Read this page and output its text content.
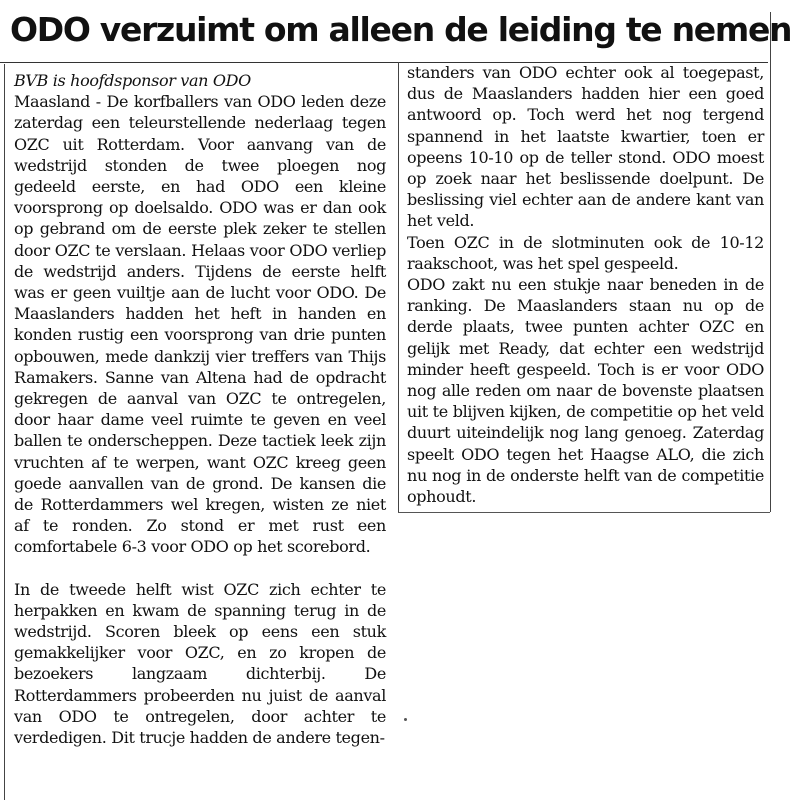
ODO verzuimt om alleen de leiding te nemen

BVB is hoofdsponsor van ODO

Maasland - De korfballers van ODO leden deze zaterdag een teleurstellende nederlaag tegen OZC uit Rotterdam. Voor aanvang van de wedstrijd stonden de twee ploegen nog gedeeld eerste, en had ODO een kleine voorsprong op doelsaldo. ODO was er dan ook op gebrand om de eerste plek zeker te stellen door OZC te verslaan. Helaas voor ODO verliep de wedstrijd anders. Tijdens de eerste helft was er geen vuiltje aan de lucht voor ODO. De Maaslanders hadden het heft in handen en konden rustig een voorsprong van drie punten opbouwen, mede dankzij vier treffers van Thijs Ramakers. Sanne van Altena had de opdracht gekregen de aanval van OZC te ontregelen, door haar dame veel ruimte te geven en veel ballen te onderscheppen. Deze tactiek leek zijn vruchten af te werpen, want OZC kreeg geen goede aanvallen van de grond. De kansen die de Rotterdammers wel kregen, wisten ze niet af te ronden. Zo stond er met rust een comfortabele 6-3 voor ODO op het scorebord.

In de tweede helft wist OZC zich echter te herpakken en kwam de spanning terug in de wedstrijd. Scoren bleek op eens een stuk gemakkelijker voor OZC, en zo kropen de bezoekers langzaam dichterbij. De Rotterdammers probeerden nu juist de aanval van ODO te ontregelen, door achter te verdedigen. Dit trucje hadden de andere tegen-

standers van ODO echter ook al toegepast, dus de Maaslanders hadden hier een goed antwoord op. Toch werd het nog tergend spannend in het laatste kwartier, toen er opeens 10-10 op de teller stond. ODO moest op zoek naar het beslissende doelpunt. De beslissing viel echter aan de andere kant van het veld.

Toen OZC in de slotminuten ook de 10-12 raakschoot, was het spel gespeeld.

ODO zakt nu een stukje naar beneden in de ranking. De Maaslanders staan nu op de derde plaats, twee punten achter OZC en gelijk met Ready, dat echter een wedstrijd minder heeft gespeeld. Toch is er voor ODO nog alle reden om naar de bovenste plaatsen uit te blijven kijken, de competitie op het veld duurt uiteindelijk nog lang genoeg. Zaterdag speelt ODO tegen het Haagse ALO, die zich nu nog in de onderste helft van de competitie ophoudt.
